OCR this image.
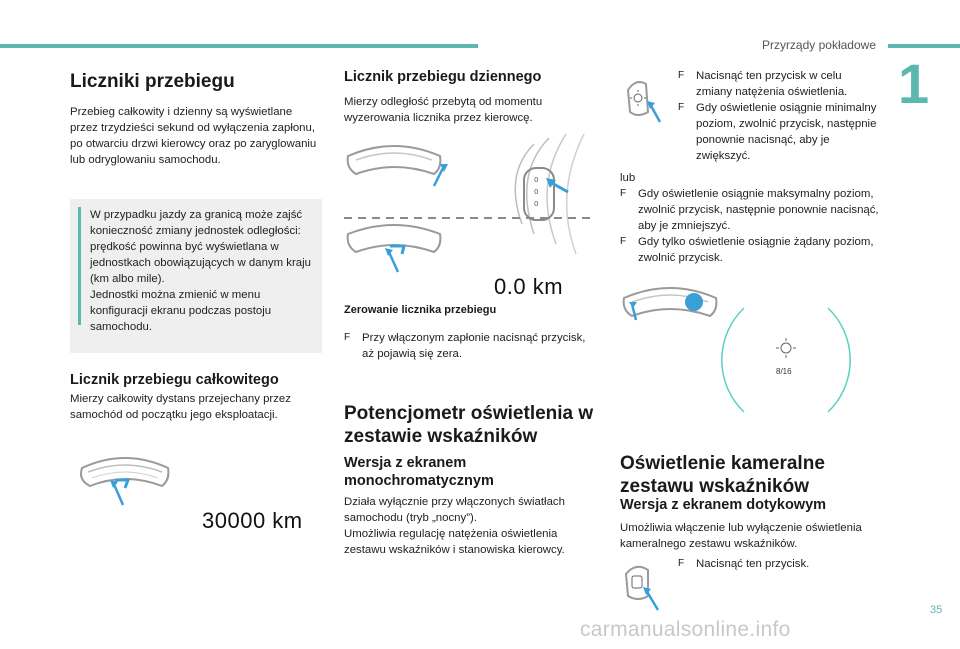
Przyrządy pokładowe
1
Liczniki przebiegu

Przebieg całkowity i dzienny są wyświetlane przez trzydzieści sekund od wyłączenia zapłonu, po otwarciu drzwi kierowcy oraz po zaryglowaniu lub odryglowaniu samochodu.

W przypadku jazdy za granicą może zajść konieczność zmiany jednostek odległości: prędkość powinna być wyświetlana w jednostkach obowiązujących w danym kraju (km albo mile).
Jednostki można zmienić w menu konfiguracji ekranu podczas postoju samochodu.

Licznik przebiegu całkowitego

Mierzy całkowity dystans przejechany przez samochód od początku jego eksploatacji.

30000 km
Licznik przebiegu dziennego

Mierzy odległość przebytą od momentu wyzerowania licznika przez kierowcę.

0
0
0
0.0 km
Zerowanie licznika przebiegu
F	Przy włączonym zapłonie nacisnąć przycisk, aż pojawią się zera.

Potencjometr oświetlenia w zestawie wskaźników
Wersja z ekranem monochromatycznym

Działa wyłącznie przy włączonych światłach samochodu (tryb „nocny”).

Umożliwia regulację natężenia oświetlenia zestawu wskaźników i stanowiska kierowcy.

F	Nacisnąć ten przycisk w celu zmiany natężenia oświetlenia.

F	Gdy oświetlenie osiągnie minimalny poziom, zwolnić przycisk, następnie ponownie nacisnąć, aby je zwiększyć.

lub

F	Gdy oświetlenie osiągnie maksymalny poziom, zwolnić przycisk, następnie ponownie nacisnąć, aby je zmniejszyć.

F	Gdy tylko oświetlenie osiągnie żądany poziom, zwolnić przycisk.

8/16
Oświetlenie kameralne zestawu wskaźników
Wersja z ekranem dotykowym

Umożliwia włączenie lub wyłączenie oświetlenia kameralnego zestawu wskaźników.

F	Nacisnąć ten przycisk.

35
carmanualsonline.info
